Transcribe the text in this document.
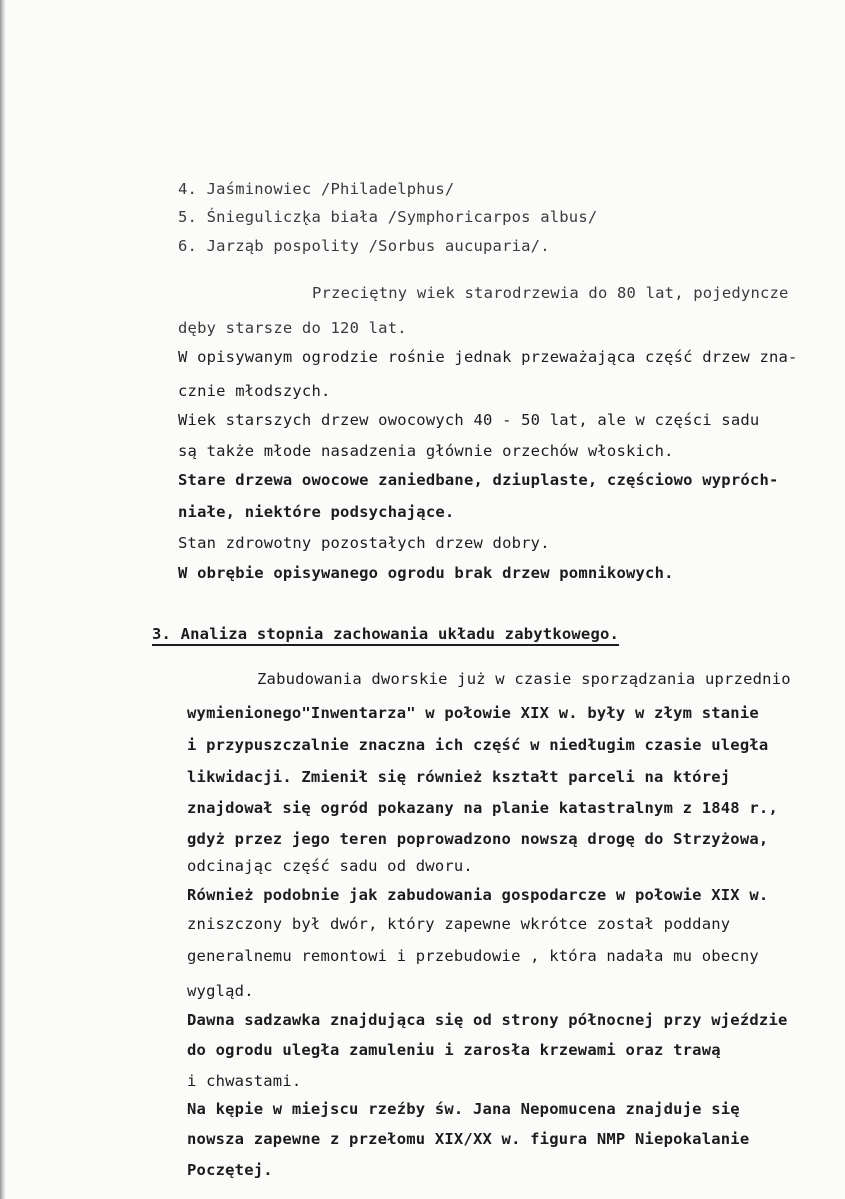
4. Jaśminowiec /Philadelphus/
5. Śniegulicz̨ka biała /Symphoricarpos albus/
6. Jarząb pospolity /Sorbus aucuparia/.
Przeciętny wiek starodrzewia do 80 lat, pojedyncze
dęby starsze do 120 lat.
W opisywanym ogrodzie rośnie jednak przeważająca część drzew zna-
cznie młodszych.
Wiek starszych drzew owocowych 40 - 50 lat, ale w części sadu
są także młode nasadzenia głównie orzechów włoskich.
Stare drzewa owocowe zaniedbane, dziuplaste, częściowo wypróch-
niałe, niektóre podsychające.
Stan zdrowotny pozostałych drzew dobry.
W obrębie opisywanego ogrodu brak drzew pomnikowych.
3. Analiza stopnia zachowania układu zabytkowego.
Zabudowania dworskie już w czasie sporządzania uprzednio
wymienionego"Inwentarza" w połowie XIX w. były w złym stanie
i przypuszczalnie znaczna ich część w niedługim czasie uległa
likwidacji. Zmienił się również kształt parceli na której
znajdował się ogród pokazany na planie katastralnym z 1848 r.,
gdyż przez jego teren poprowadzono nowszą drogę do Strzyżowa,
odcinając część sadu od dworu.
Również podobnie jak zabudowania gospodarcze w połowie XIX w.
zniszczony był dwór, który zapewne wkrótce został poddany
generalnemu remontowi i przebudowie , która nadała mu obecny
wygląd.
Dawna sadzawka znajdująca się od strony północnej przy wjeździe
do ogrodu uległa zamuleniu i zarosła krzewami oraz trawą
i chwastami.
Na kępie w miejscu rzeźby św. Jana Nepomucena znajduje się
nowsza zapewne z przełomu XIX/XX w. figura NMP Niepokalanie
Poczętej.
